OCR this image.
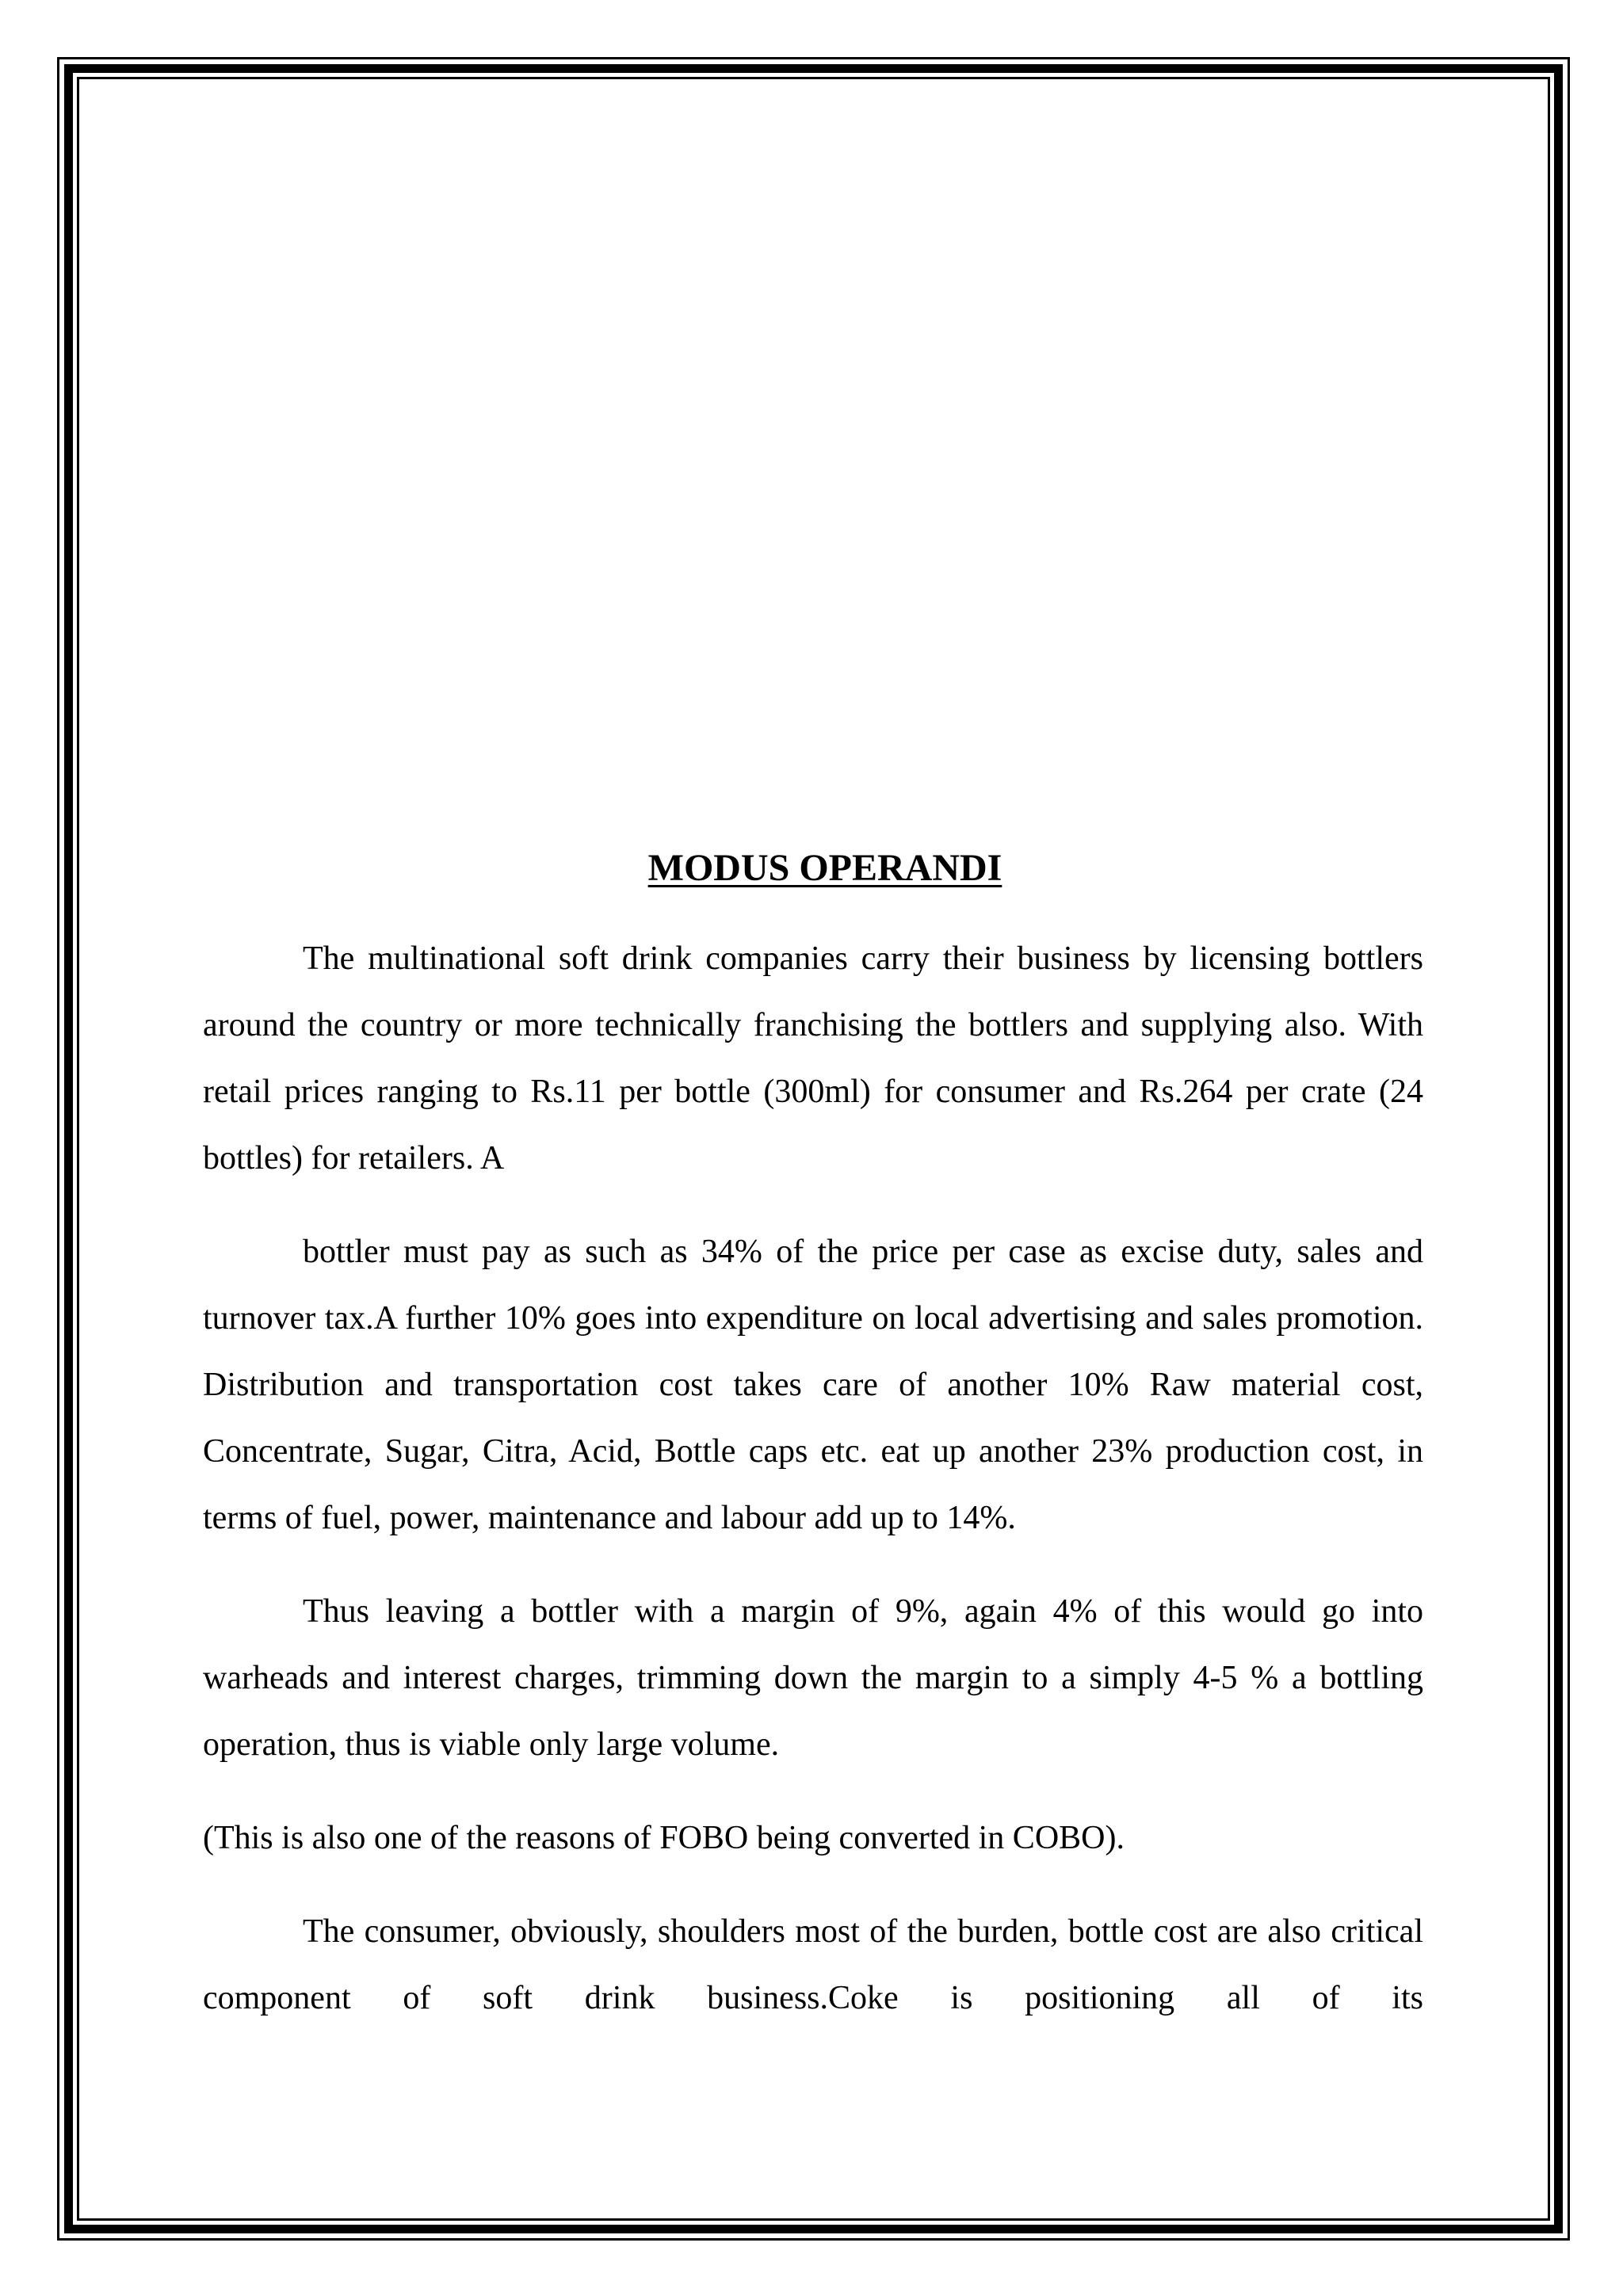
MODUS OPERANDI

The multinational soft drink companies carry their business by licensing bottlers around the country or more technically franchising the bottlers and supplying also. With retail prices ranging to Rs.11 per bottle (300ml) for consumer and Rs.264 per crate (24 bottles) for retailers. A

bottler must pay as such as 34% of the price per case as excise duty, sales and turnover tax.A further 10% goes into expenditure on local advertising and sales promotion. Distribution and transportation cost takes care of another 10% Raw material cost, Concentrate, Sugar, Citra, Acid, Bottle caps etc. eat up another 23% production cost, in terms of fuel, power, maintenance and labour add up to 14%.

Thus leaving a bottler with a margin of 9%, again 4% of this would go into warheads and interest charges, trimming down the margin to a simply 4-5 % a bottling operation, thus is viable only large volume.

(This is also one of the reasons of FOBO being converted in COBO).

The consumer, obviously, shoulders most of the burden, bottle cost are also critical component of soft drink business.Coke is positioning all of its
